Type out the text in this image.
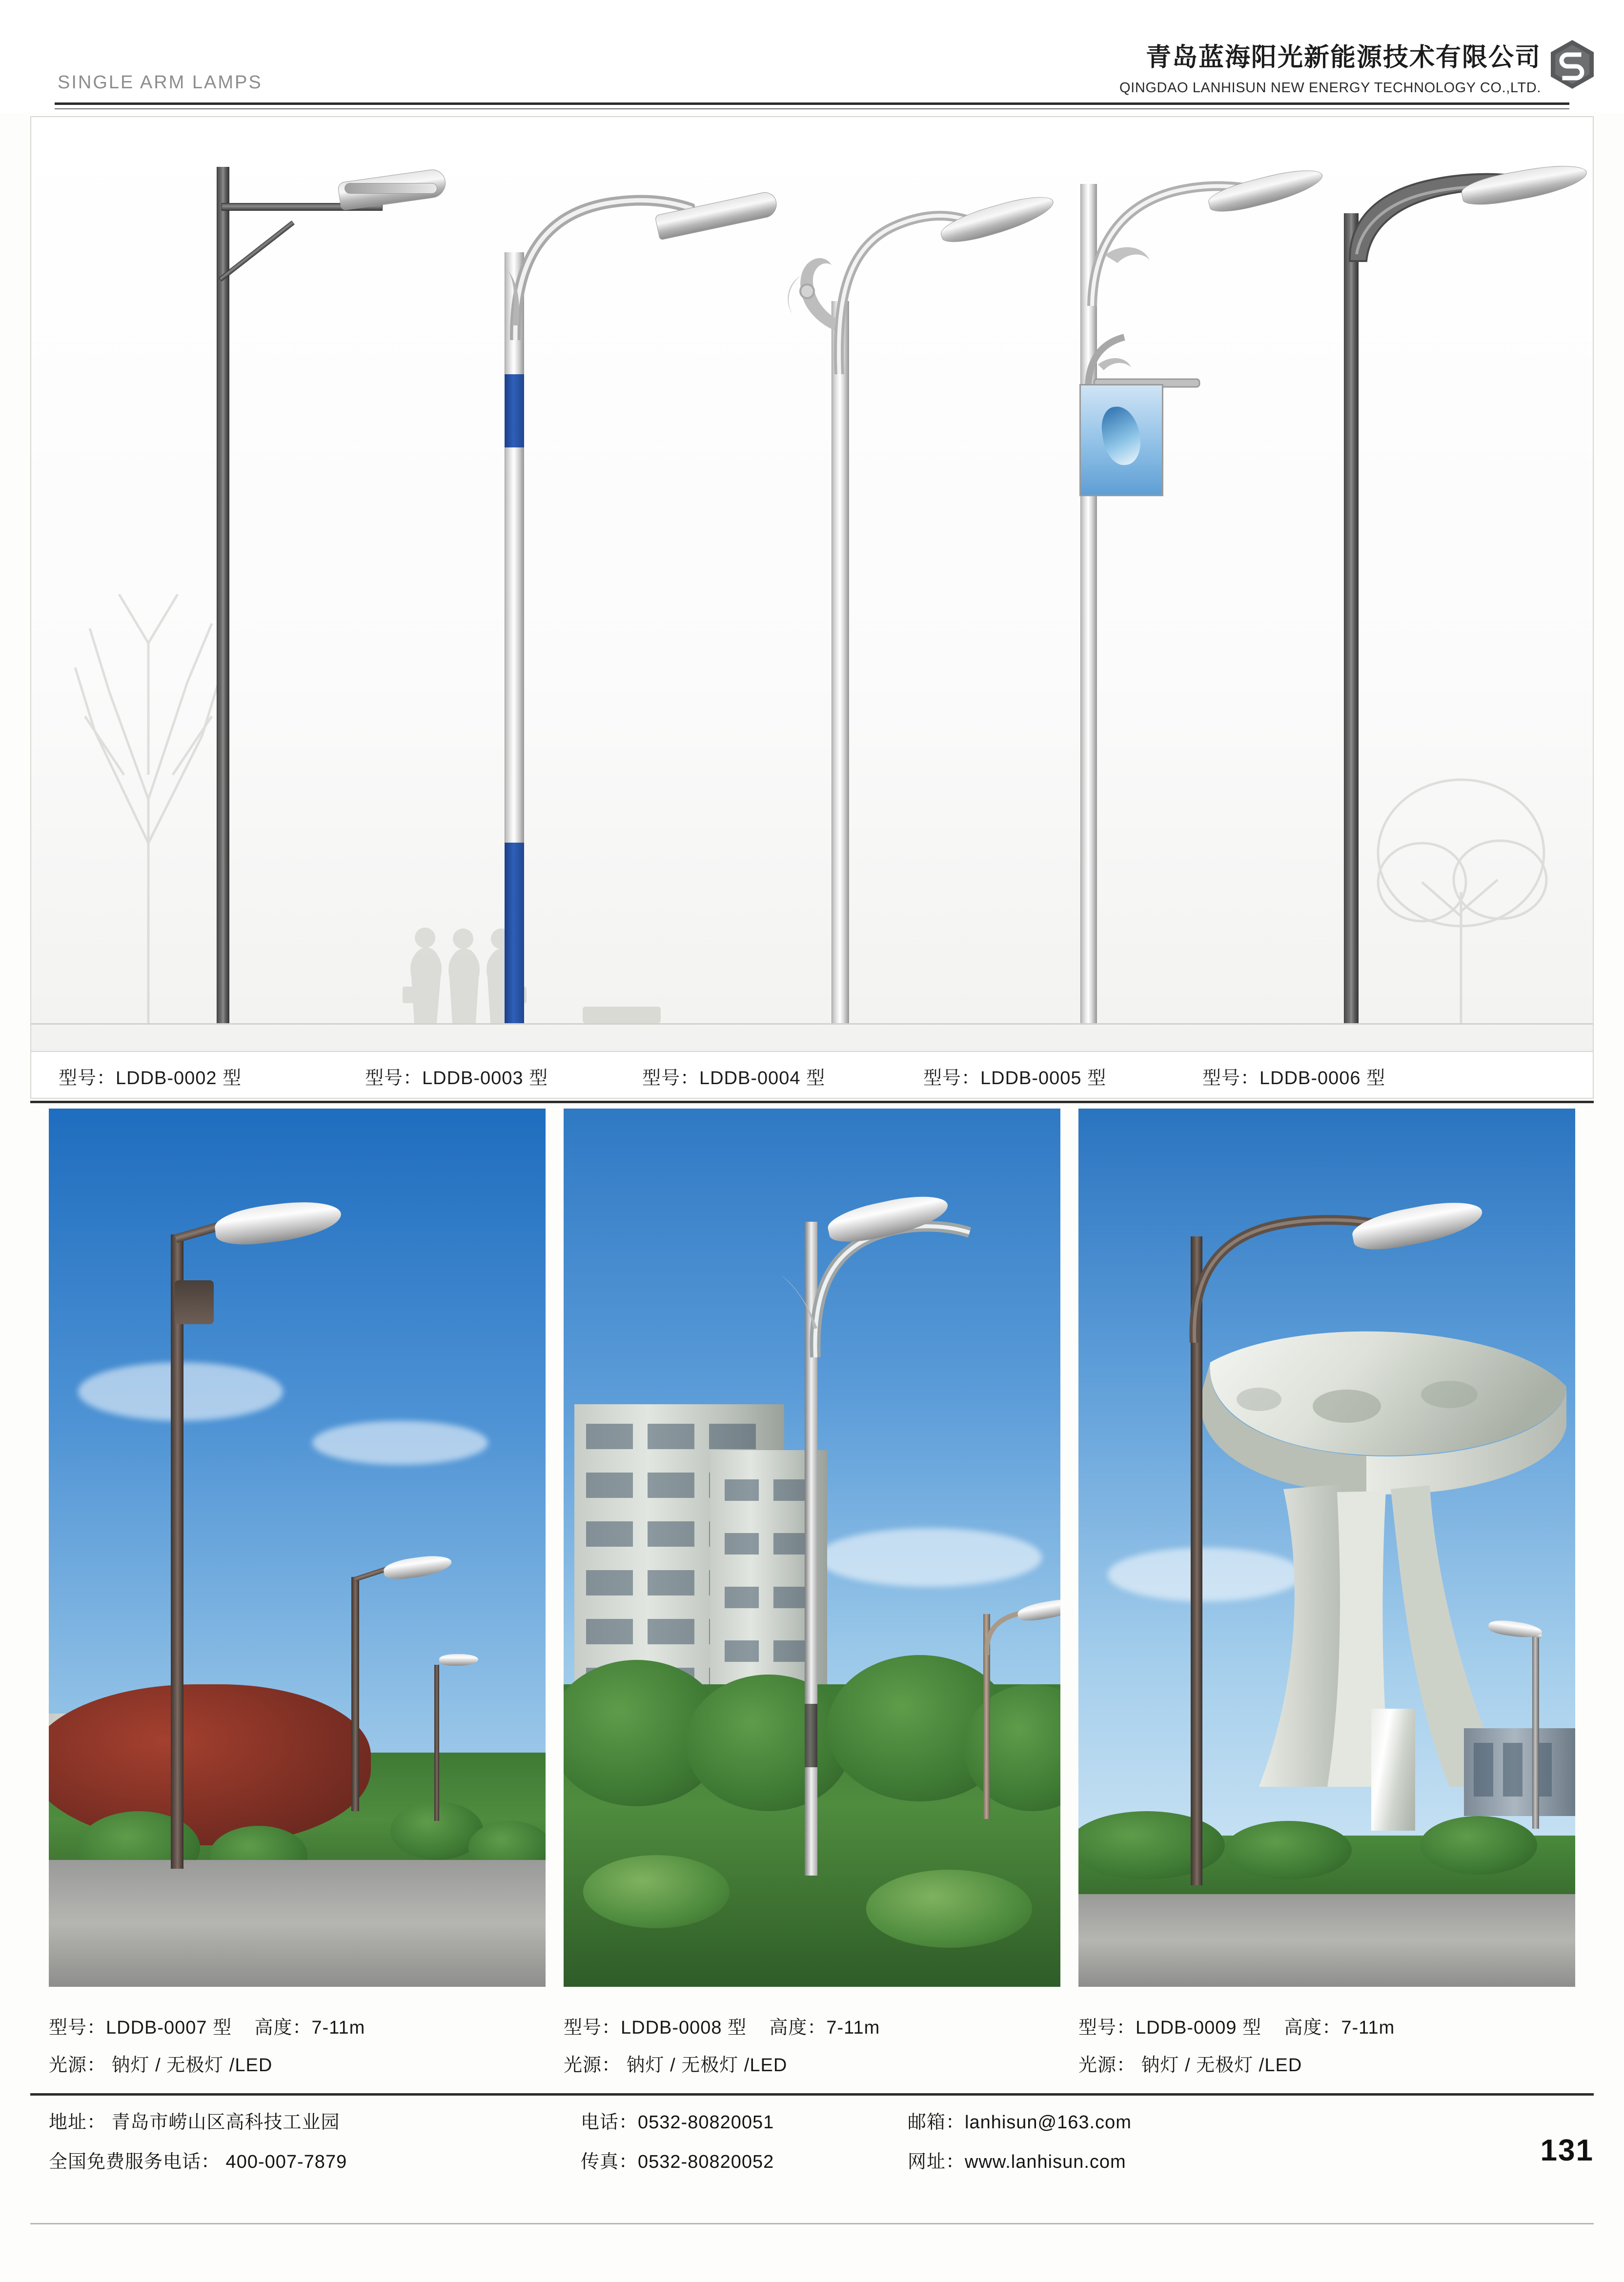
SINGLE ARM LAMPS
青岛蓝海阳光新能源技术有限公司
QINGDAO LANHISUN NEW ENERGY TECHNOLOGY CO.,LTD.
型号：LDDB-0002 型	型号：LDDB-0003 型	型号：LDDB-0004 型	型号：LDDB-0005 型	型号：LDDB-0006 型
型号：LDDB-0007 型 高度：7-11m
光源： 钠灯 / 无极灯 /LED
型号：LDDB-0008 型 高度：7-11m
光源： 钠灯 / 无极灯 /LED
型号：LDDB-0009 型 高度：7-11m
光源： 钠灯 / 无极灯 /LED
地址： 青岛市崂山区高科技工业园
全国免费服务电话： 400-007-7879
电话：0532-80820051
传真：0532-80820052
邮箱：lanhisun@163.com
网址：www.lanhisun.com	131
